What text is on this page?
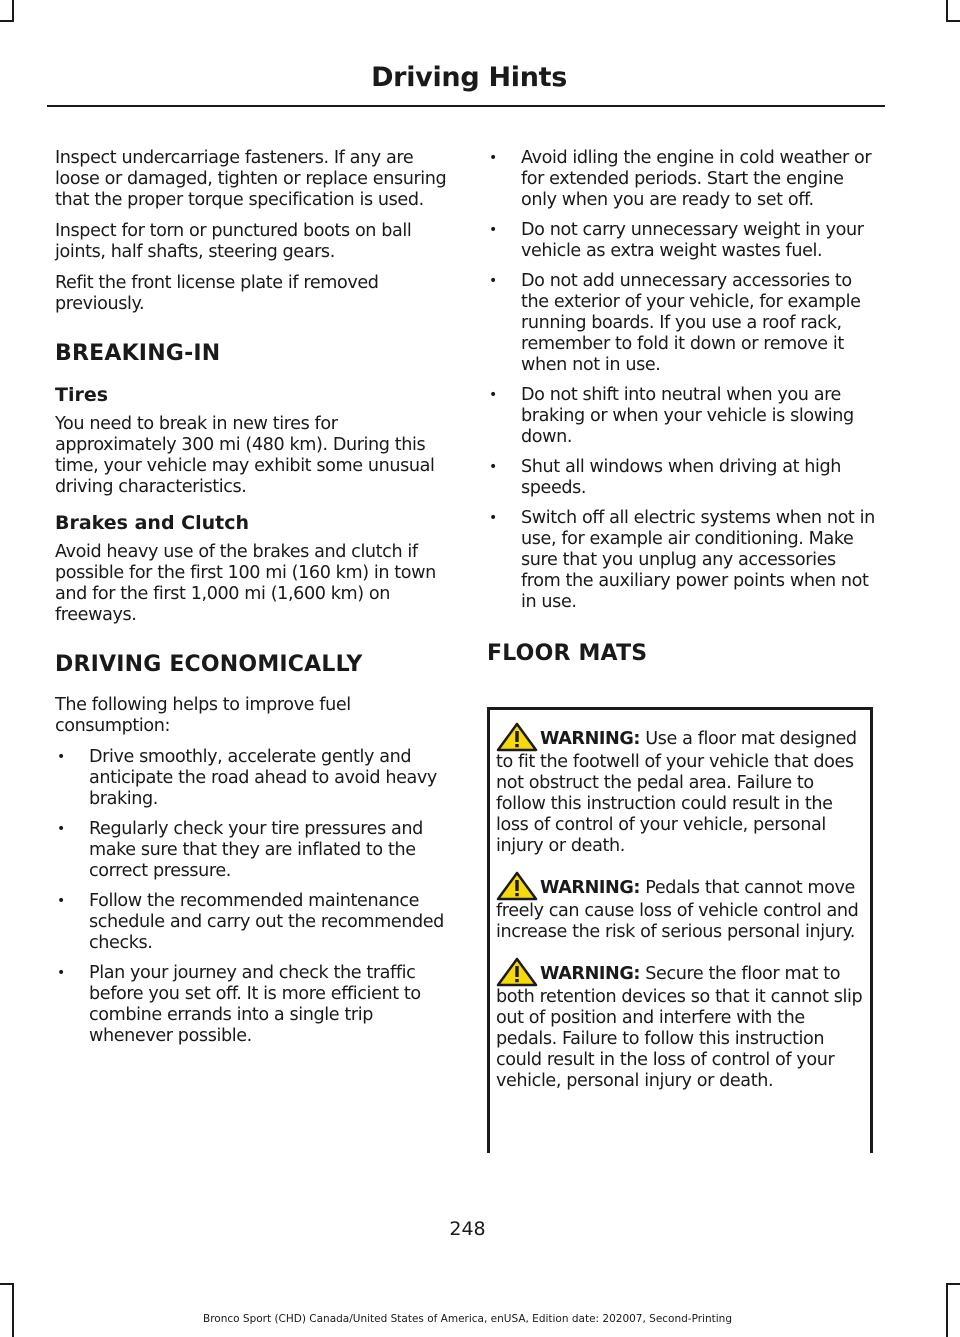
Driving Hints

Inspect undercarriage fasteners. If any are loose or damaged, tighten or replace ensuring that the proper torque specification is used.

Inspect for torn or punctured boots on ball joints, half shafts, steering gears.

Refit the front license plate if removed previously.

BREAKING-IN
Tires

You need to break in new tires for approximately 300 mi (480 km). During this time, your vehicle may exhibit some unusual driving characteristics.

Brakes and Clutch

Avoid heavy use of the brakes and clutch if possible for the first 100 mi (160 km) in town and for the first 1,000 mi (1,600 km) on freeways.

DRIVING ECONOMICALLY

The following helps to improve fuel consumption:

• Drive smoothly, accelerate gently and anticipate the road ahead to avoid heavy braking.
• Regularly check your tire pressures and make sure that they are inflated to the correct pressure.
• Follow the recommended maintenance schedule and carry out the recommended checks.
• Plan your journey and check the traffic before you set off. It is more efficient to combine errands into a single trip whenever possible.
• Avoid idling the engine in cold weather or for extended periods. Start the engine only when you are ready to set off.
• Do not carry unnecessary weight in your vehicle as extra weight wastes fuel.
• Do not add unnecessary accessories to the exterior of your vehicle, for example running boards. If you use a roof rack, remember to fold it down or remove it when not in use.
• Do not shift into neutral when you are braking or when your vehicle is slowing down.
• Shut all windows when driving at high speeds.
• Switch off all electric systems when not in use, for example air conditioning. Make sure that you unplug any accessories from the auxiliary power points when not in use.
FLOOR MATS
WARNING: Use a floor mat designed to fit the footwell of your vehicle that does not obstruct the pedal area. Failure to follow this instruction could result in the loss of control of your vehicle, personal injury or death.
WARNING: Pedals that cannot move freely can cause loss of vehicle control and increase the risk of serious personal injury.
WARNING: Secure the floor mat to both retention devices so that it cannot slip out of position and interfere with the pedals. Failure to follow this instruction could result in the loss of control of your vehicle, personal injury or death.
248
Bronco Sport (CHD) Canada/United States of America, enUSA, Edition date: 202007, Second-Printing
